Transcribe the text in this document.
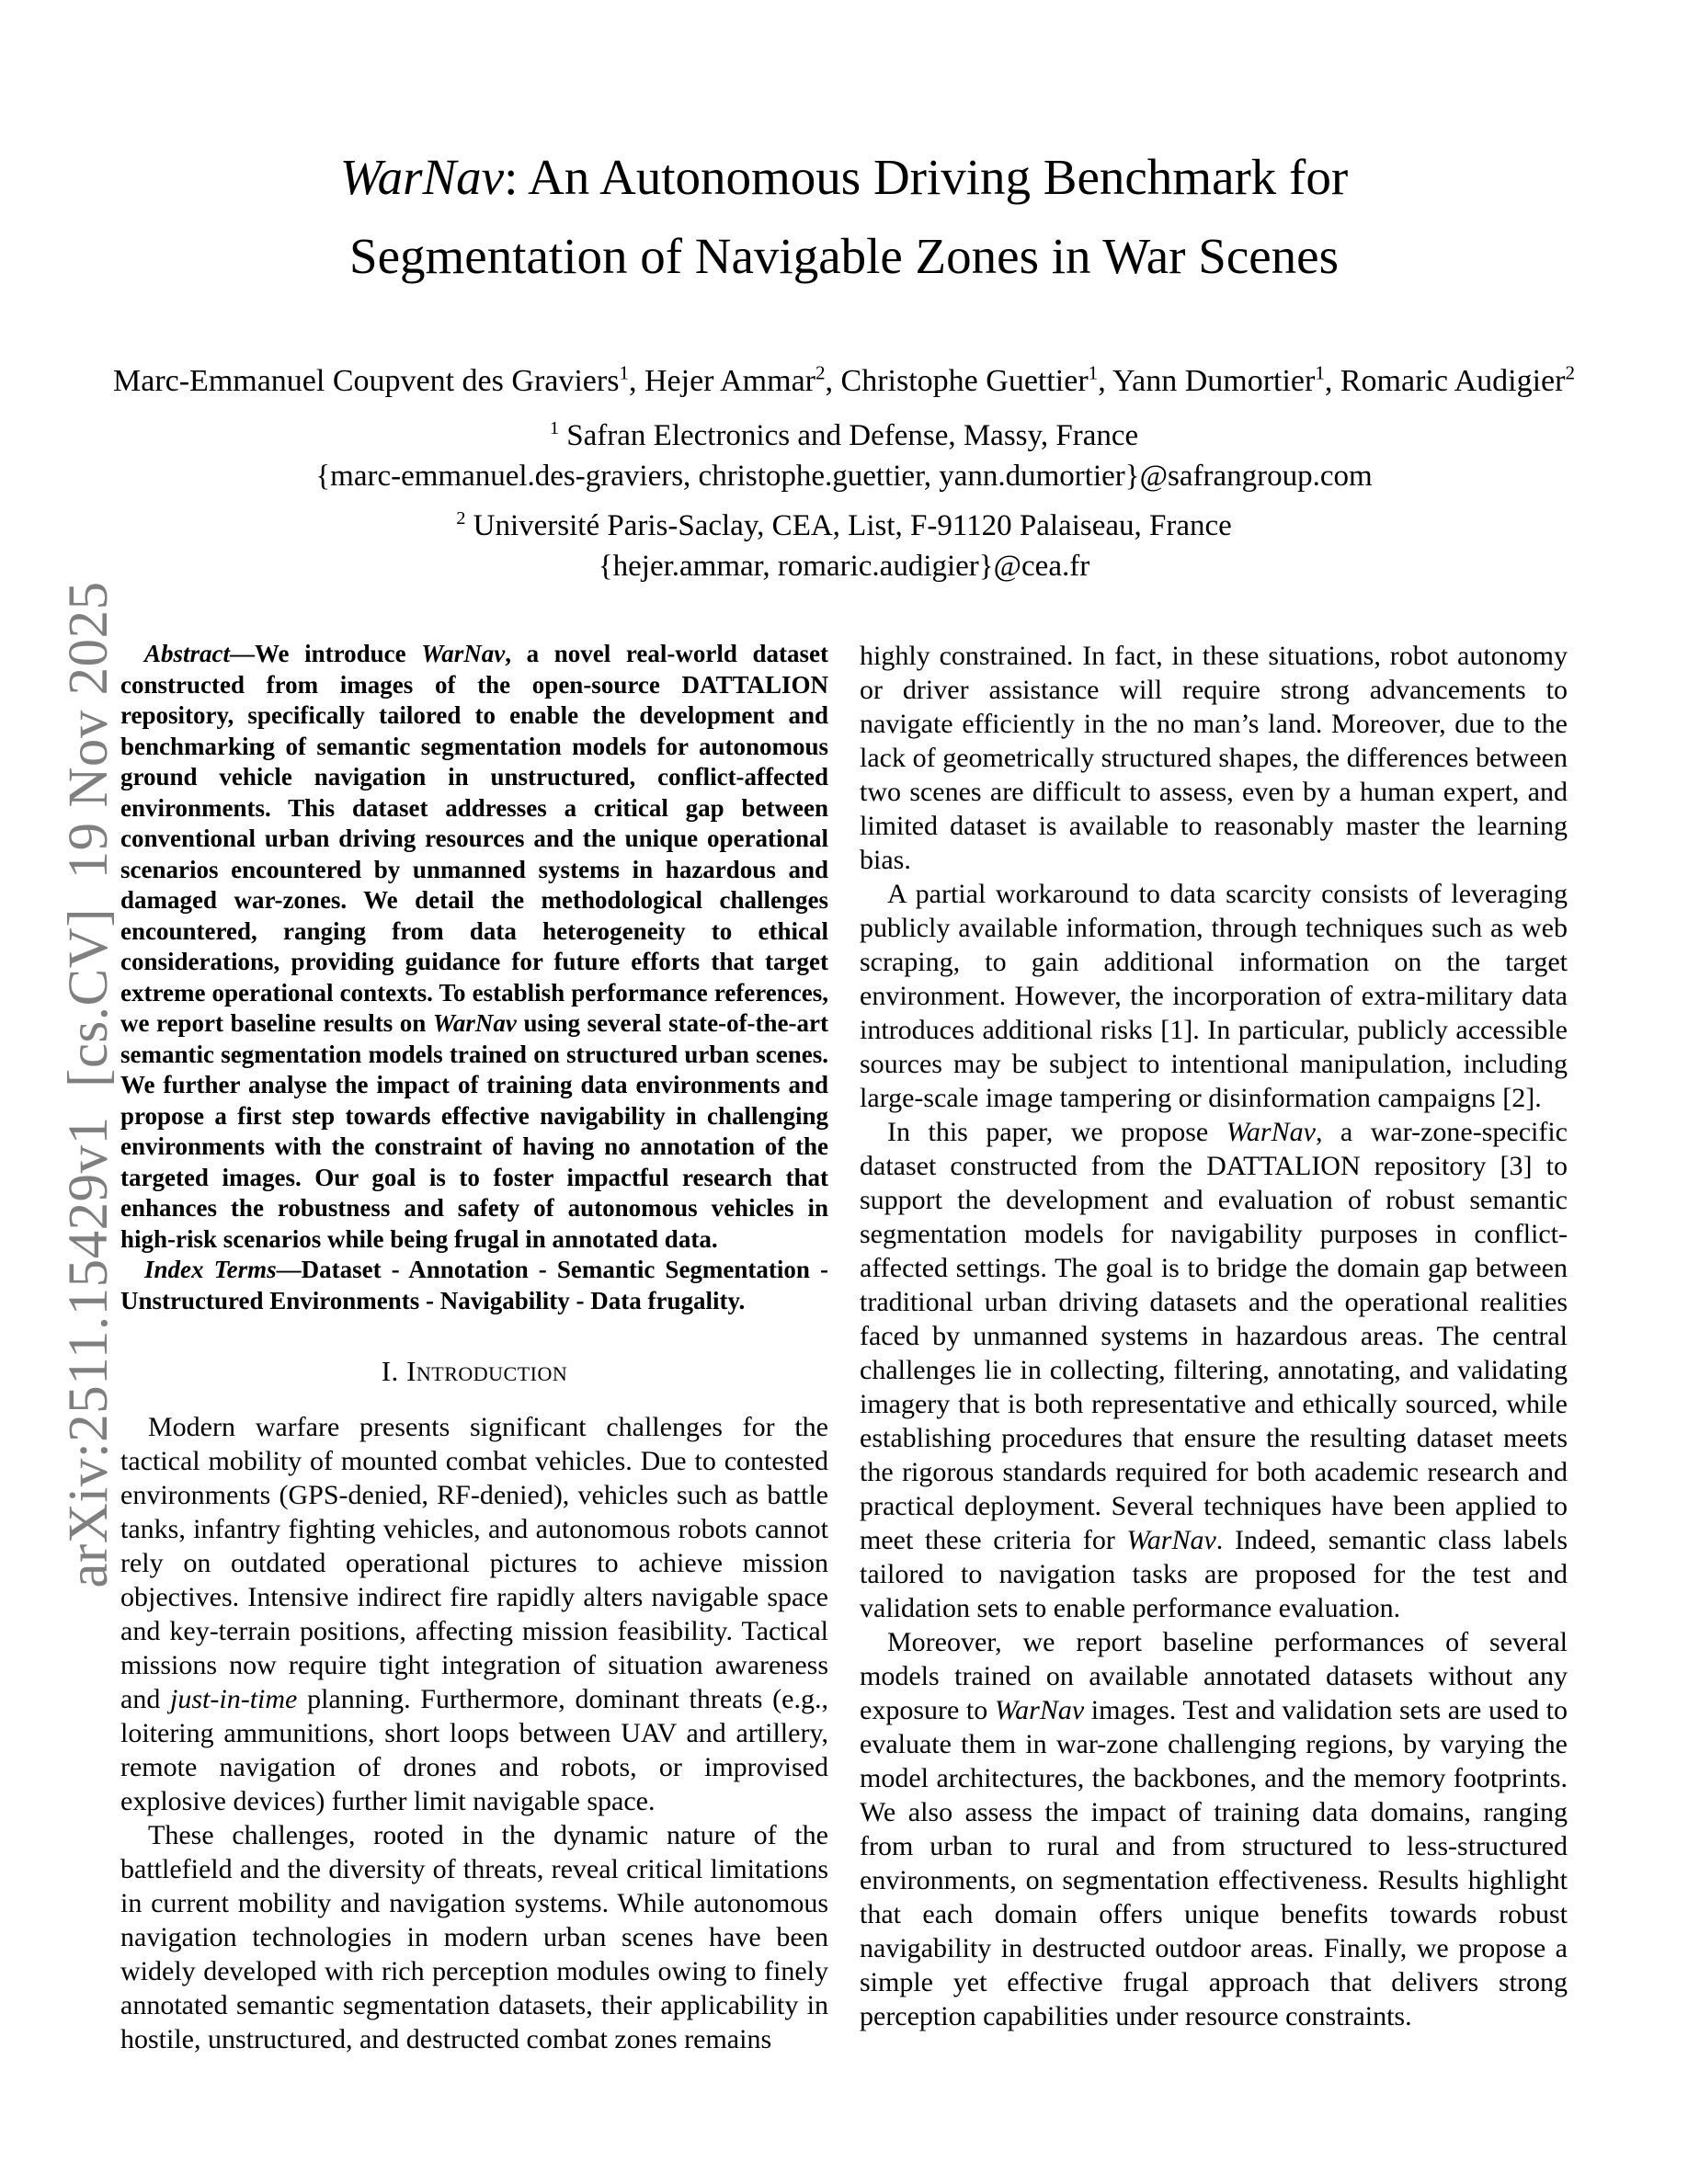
arXiv:2511.15429v1  [cs.CV]  19 Nov 2025
WarNav: An Autonomous Driving Benchmark for
Segmentation of Navigable Zones in War Scenes
Marc-Emmanuel Coupvent des Graviers$^1$, Hejer Ammar$^2$, Christophe Guettier$^1$, Yann Dumortier$^1$, Romaric Audigier$^2$
$^1$ Safran Electronics and Defense, Massy, France
{marc-emmanuel.des-graviers, christophe.guettier, yann.dumortier}@safrangroup.com
$^2$ Université Paris-Saclay, CEA, List, F-91120 Palaiseau, France
{hejer.ammar, romaric.audigier}@cea.fr

Abstract—We introduce WarNav, a novel real-world dataset constructed from images of the open-source DATTALION repository, specifically tailored to enable the development and benchmarking of semantic segmentation models for autonomous ground vehicle navigation in unstructured, conflict-affected environments. This dataset addresses a critical gap between conventional urban driving resources and the unique operational scenarios encountered by unmanned systems in hazardous and damaged war-zones. We detail the methodological challenges encountered, ranging from data heterogeneity to ethical considerations, providing guidance for future efforts that target extreme operational contexts. To establish performance references, we report baseline results on WarNav using several state-of-the-art semantic segmentation models trained on structured urban scenes. We further analyse the impact of training data environments and propose a first step towards effective navigability in challenging environments with the constraint of having no annotation of the targeted images. Our goal is to foster impactful research that enhances the robustness and safety of autonomous vehicles in high-risk scenarios while being frugal in annotated data.

Index Terms—Dataset - Annotation - Semantic Segmentation - Unstructured Environments - Navigability - Data frugality.

I. Introduction

Modern warfare presents significant challenges for the tactical mobility of mounted combat vehicles. Due to contested environments (GPS-denied, RF-denied), vehicles such as battle tanks, infantry fighting vehicles, and autonomous robots cannot rely on outdated operational pictures to achieve mission objectives. Intensive indirect fire rapidly alters navigable space and key-terrain positions, affecting mission feasibility. Tactical missions now require tight integration of situation awareness and just-in-time planning. Furthermore, dominant threats (e.g., loitering ammunitions, short loops between UAV and artillery, remote navigation of drones and robots, or improvised explosive devices) further limit navigable space.

These challenges, rooted in the dynamic nature of the battlefield and the diversity of threats, reveal critical limitations in current mobility and navigation systems. While autonomous navigation technologies in modern urban scenes have been widely developed with rich perception modules owing to finely annotated semantic segmentation datasets, their applicability in hostile, unstructured, and destructed combat zones remains

highly constrained. In fact, in these situations, robot autonomy or driver assistance will require strong advancements to navigate efficiently in the no man’s land. Moreover, due to the lack of geometrically structured shapes, the differences between two scenes are difficult to assess, even by a human expert, and limited dataset is available to reasonably master the learning bias.

A partial workaround to data scarcity consists of leveraging publicly available information, through techniques such as web scraping, to gain additional information on the target environment. However, the incorporation of extra-military data introduces additional risks [1]. In particular, publicly accessible sources may be subject to intentional manipulation, including large-scale image tampering or disinformation campaigns [2].

In this paper, we propose WarNav, a war-zone-specific dataset constructed from the DATTALION repository [3] to support the development and evaluation of robust semantic segmentation models for navigability purposes in conflict-affected settings. The goal is to bridge the domain gap between traditional urban driving datasets and the operational realities faced by unmanned systems in hazardous areas. The central challenges lie in collecting, filtering, annotating, and validating imagery that is both representative and ethically sourced, while establishing procedures that ensure the resulting dataset meets the rigorous standards required for both academic research and practical deployment. Several techniques have been applied to meet these criteria for WarNav. Indeed, semantic class labels tailored to navigation tasks are proposed for the test and validation sets to enable performance evaluation.

Moreover, we report baseline performances of several models trained on available annotated datasets without any exposure to WarNav images. Test and validation sets are used to evaluate them in war-zone challenging regions, by varying the model architectures, the backbones, and the memory footprints. We also assess the impact of training data domains, ranging from urban to rural and from structured to less-structured environments, on segmentation effectiveness. Results highlight that each domain offers unique benefits towards robust navigability in destructed outdoor areas. Finally, we propose a simple yet effective frugal approach that delivers strong perception capabilities under resource constraints.
